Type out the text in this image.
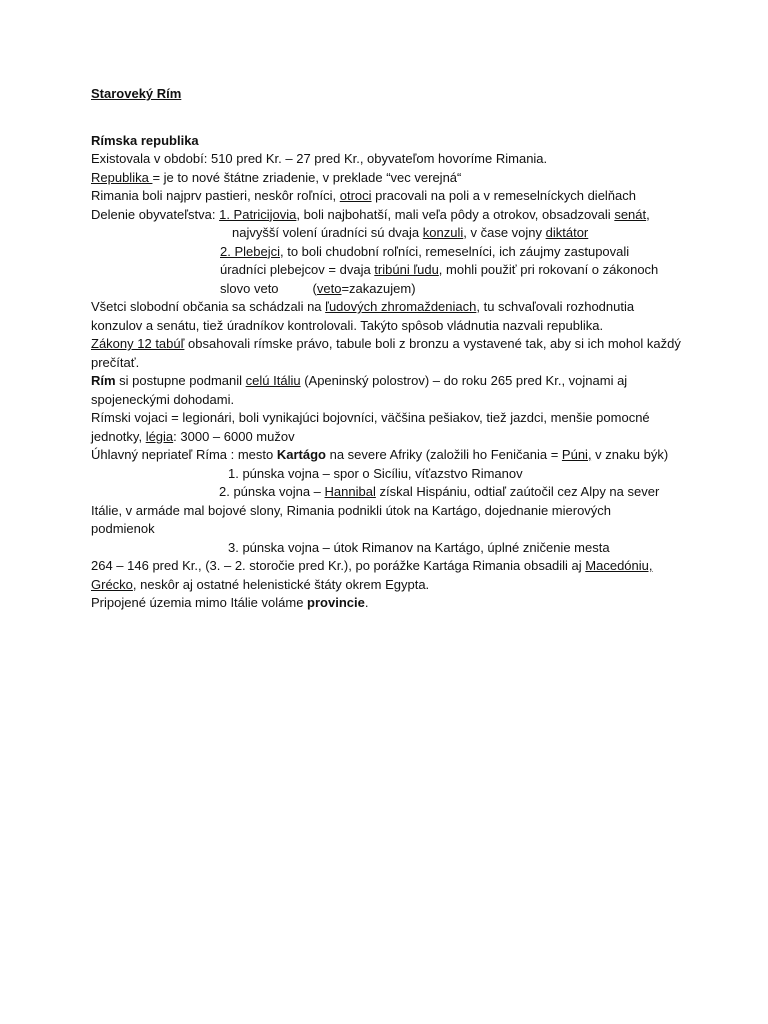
Staroveký Rím
Rímska republika
Existovala v období: 510 pred Kr. – 27 pred Kr., obyvateľom hovoríme Rimania.
Republika = je to nové štátne zriadenie, v preklade “vec verejná“
Rimania boli najprv pastieri, neskôr roľníci, otroci pracovali na poli a v remeselníckych dielňach
Delenie obyvateľstva: 1. Patricijovia, boli najbohatší, mali veľa pôdy a otrokov, obsadzovali senát,
najvyšší volení úradníci sú dvaja konzuli, v čase vojny diktátor
2. Plebejci, to boli chudobní roľníci, remeselníci, ich záujmy zastupovali
úradníci plebejcov = dvaja tribúni ľudu, mohli použiť pri rokovaní o zákonoch
slovo veto	(veto=zakazujem)
Všetci slobodní občania sa schádzali na ľudových zhromaždeniach, tu schvaľovali rozhodnutia
konzulov a senátu, tiež úradníkov kontrolovali. Takýto spôsob vládnutia nazvali republika.
Zákony 12 tabúľ obsahovali rímske právo, tabule boli z bronzu a vystavené tak, aby si ich mohol každý
prečítať.
Rím si postupne podmanil celú Itáliu (Apeninský polostrov) – do roku 265 pred Kr., vojnami aj
spojeneckými dohodami.
Rímski vojaci = legionári, boli vynikajúci bojovníci, väčšina pešiakov, tiež jazdci, menšie pomocné
jednotky, légia: 3000 – 6000 mužov
Úhlavný nepriateľ Ríma : mesto Kartágo na severe Afriky (založili ho Feničania = Púni, v znaku býk)
1. púnska vojna – spor o Sicíliu, víťazstvo Rimanov
2. púnska vojna – Hannibal získal Hispániu, odtiaľ zaútočil cez Alpy na sever
Itálie, v armáde mal bojové slony, Rimania podnikli útok na Kartágo, dojednanie mierových
podmienok
3. púnska vojna – útok Rimanov na Kartágo, úplné zničenie mesta
264 – 146 pred Kr., (3. – 2. storočie pred Kr.), po porážke Kartága Rimania obsadili aj Macedóniu,
Grécko, neskôr aj ostatné helenistické štáty okrem Egypta.
Pripojené územia mimo Itálie voláme provincie.
